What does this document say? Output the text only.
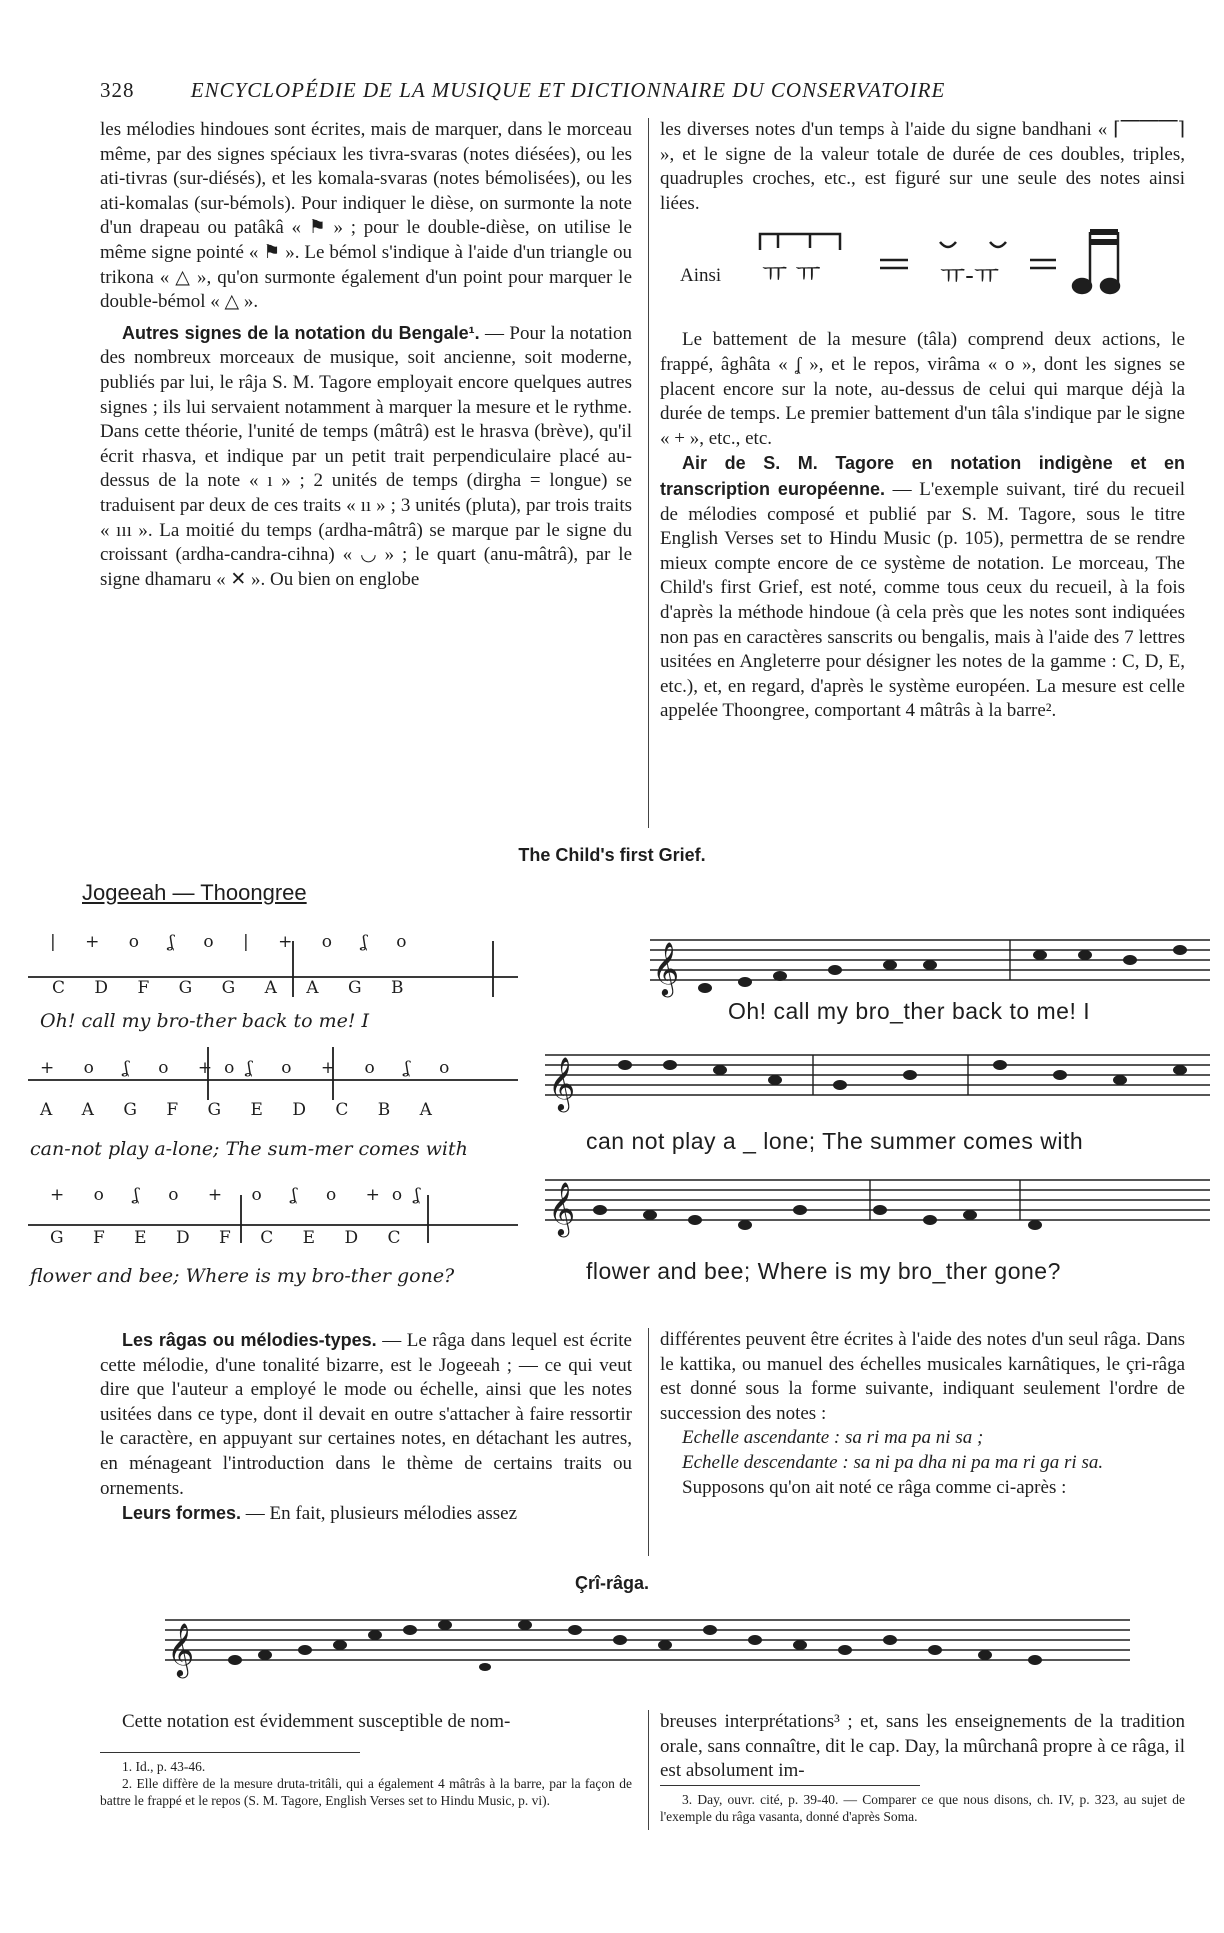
328	ENCYCLOPÉDIE DE LA MUSIQUE ET DICTIONNAIRE DU CONSERVATOIRE

les mélodies hindoues sont écrites, mais de marquer, dans le morceau même, par des signes spéciaux les tivra-svaras (notes diésées), ou les ati-tivras (sur-diésés), et les komala-svaras (notes bémolisées), ou les ati-komalas (sur-bémols). Pour indiquer le dièse, on surmonte la note d'un drapeau ou patâkâ « ⚑ » ; pour le double-dièse, on utilise le même signe pointé « ⚑ ». Le bémol s'indique à l'aide d'un triangle ou trikona « △ », qu'on surmonte également d'un point pour marquer le double-bémol « △ ».

Autres signes de la notation du Bengale¹. — Pour la notation des nombreux morceaux de musique, soit ancienne, soit moderne, publiés par lui, le râja S. M. Tagore employait encore quelques autres signes ; ils lui servaient notamment à marquer la mesure et le rythme. Dans cette théorie, l'unité de temps (mâtrâ) est le hrasva (brève), qu'il écrit rhasva, et indique par un petit trait perpendiculaire placé au-dessus de la note « ı » ; 2 unités de temps (dirgha = longue) se traduisent par deux de ces traits « ıı » ; 3 unités (pluta), par trois traits « ııı ». La moitié du temps (ardha-mâtrâ) se marque par le signe du croissant (ardha-candra-cihna) « ◡ » ; le quart (anu-mâtrâ), par le signe dhamaru « ✕ ». Ou bien on englobe

les diverses notes d'un temps à l'aide du signe bandhani « ⌈⎺⎺⎺⌉ », et le signe de la valeur totale de durée de ces doubles, triples, quadruples croches, etc., est figuré sur une seule des notes ainsi liées.

Ainsi ㅠ ㅠ	ㅠ-ㅠ

Le battement de la mesure (tâla) comprend deux actions, le frappé, âghâta « ʆ », et le repos, virâma « o », dont les signes se placent encore sur la note, au-dessus de celui qui marque déjà la durée de temps. Le premier battement d'un tâla s'indique par le signe « + », etc., etc.

Air de S. M. Tagore en notation indigène et en transcription européenne. — L'exemple suivant, tiré du recueil de mélodies composé et publié par S. M. Tagore, sous le titre English Verses set to Hindu Music (p. 105), permettra de se rendre mieux compte encore de ce système de notation. Le morceau, The Child's first Grief, est noté, comme tous ceux du recueil, à la fois d'après la méthode hindoue (à cela près que les notes sont indiquées non pas en caractères sanscrits ou bengalis, mais à l'aide des 7 lettres usitées en Angleterre pour désigner les notes de la gamme : C, D, E, etc.), et, en regard, d'après le système européen. La mesure est celle appelée Thoongree, comportant 4 mâtrâs à la barre².

The Child's first Grief.
Jogeeah — Thoongree
| + o ʆ o | + o ʆ o
C D F G G A A G B
Oh! call my bro-ther back to me! I
+ o ʆ o +oʆ o + o ʆ o
A A G F G E D C B A
can-not play a-lone; The sum-mer comes with
+ o ʆ o + o ʆ o +oʆ
G F E D F C E D C
flower and bee; Where is my bro-ther gone?
𝄞
𝄞
𝄞
Oh! call my bro_ther back to me! I
can not play a _ lone; The summer comes with
flower and bee; Where is my bro_ther gone?

Les râgas ou mélodies-types. — Le râga dans lequel est écrite cette mélodie, d'une tonalité bizarre, est le Jogeeah ; — ce qui veut dire que l'auteur a employé le mode ou échelle, ainsi que les notes usitées dans ce type, dont il devait en outre s'attacher à faire ressortir le caractère, en appuyant sur certaines notes, en détachant les autres, en ménageant l'introduction dans le thème de certains traits ou ornements.

Leurs formes. — En fait, plusieurs mélodies assez

différentes peuvent être écrites à l'aide des notes d'un seul râga. Dans le kattika, ou manuel des échelles musicales karnâtiques, le çri-râga est donné sous la forme suivante, indiquant seulement l'ordre de succession des notes :

Echelle ascendante : sa ri ma pa ni sa ;

Echelle descendante : sa ni pa dha ni pa ma ri ga ri sa.

Supposons qu'on ait noté ce râga comme ci-après :

Çrî-râga.
𝄞

Cette notation est évidemment susceptible de nom-	breuses interprétations³ ; et, sans les enseignements de la tradition orale, sans connaître, dit le cap. Day, la mûrchanâ propre à ce râga, il est absolument im-

1. Id., p. 43-46.

2. Elle diffère de la mesure druta-tritâli, qui a également 4 mâtrâs à la barre, par la façon de battre le frappé et le repos (S. M. Tagore, English Verses set to Hindu Music, p. vi).	3. Day, ouvr. cité, p. 39-40. — Comparer ce que nous disons, ch. IV, p. 323, au sujet de l'exemple du râga vasanta, donné d'après Soma.
